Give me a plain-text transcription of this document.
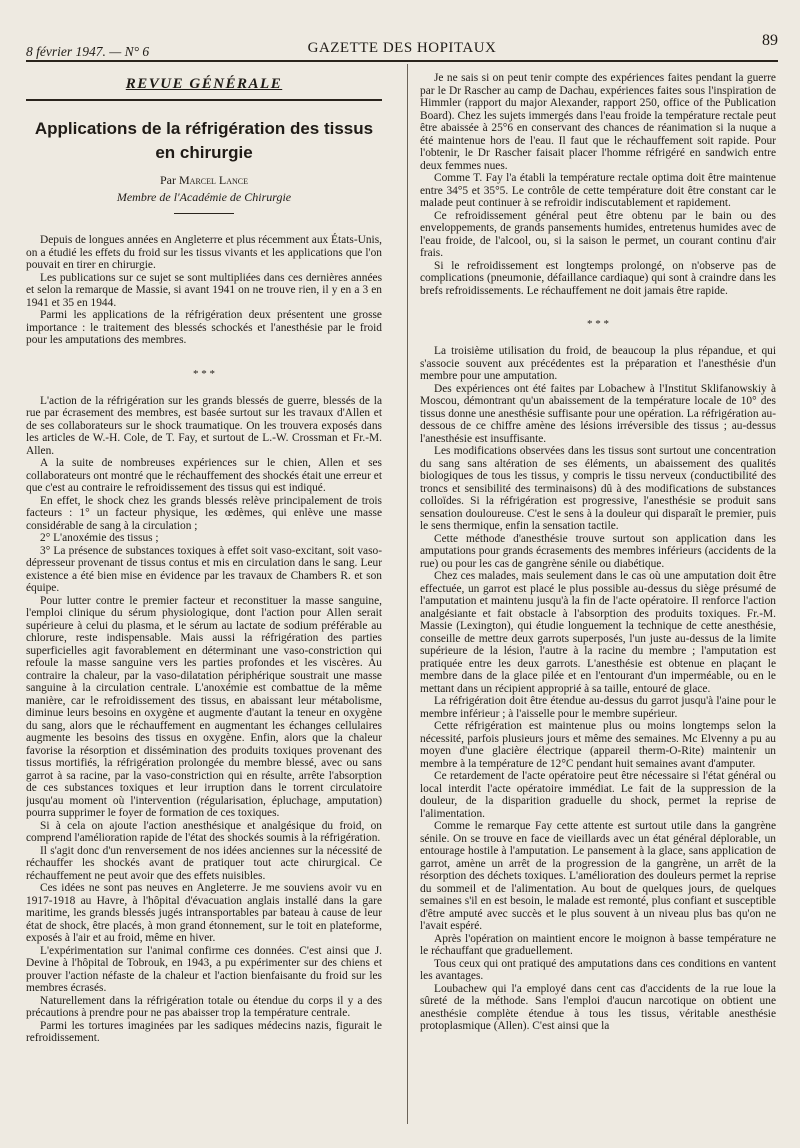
8 février 1947. — N° 6	GAZETTE DES HOPITAUX	89
REVUE GÉNÉRALE
Applications de la réfrigération des tissus en chirurgie
Par Marcel Lance
Membre de l'Académie de Chirurgie

Depuis de longues années en Angleterre et plus récemment aux États-Unis, on a étudié les effets du froid sur les tissus vivants et les applications que l'on pouvait en tirer en chirurgie.

Les publications sur ce sujet se sont multipliées dans ces dernières années et selon la remarque de Massie, si avant 1941 on ne trouve rien, il y en a 3 en 1941 et 35 en 1944.

Parmi les applications de la réfrigération deux présentent une grosse importance : le traitement des blessés schockés et l'anesthésie par le froid pour les amputations des membres.

* * *

L'action de la réfrigération sur les grands blessés de guerre, blessés de la rue par écrasement des membres, est basée surtout sur les travaux d'Allen et de ses collaborateurs sur le shock traumatique. On les trouvera exposés dans les articles de W.-H. Cole, de T. Fay, et surtout de L.-W. Crossman et Fr.-M. Allen.

A la suite de nombreuses expériences sur le chien, Allen et ses collaborateurs ont montré que le réchauffement des shockés était une erreur et que c'est au contraire le refroidissement des tissus qui est indiqué.

En effet, le shock chez les grands blessés relève principalement de trois facteurs : 1° un facteur physique, les œdèmes, qui enlève une masse considérable de sang à la circulation ;

2° L'anoxémie des tissus ;

3° La présence de substances toxiques à effet soit vaso-excitant, soit vaso-dépresseur provenant de tissus contus et mis en circulation dans le sang. Leur existence a été bien mise en évidence par les travaux de Chambers R. et son équipe.

Pour lutter contre le premier facteur et reconstituer la masse sanguine, l'emploi clinique du sérum physiologique, dont l'action pour Allen serait supérieure à celui du plasma, et le sérum au lactate de sodium préférable au chlorure, reste indispensable. Mais aussi la réfrigération des parties superficielles agit favorablement en déterminant une vaso-constriction qui refoule la masse sanguine vers les parties profondes et les viscères. Au contraire la chaleur, par la vaso-dilatation périphérique soustrait une masse sanguine à la circulation centrale. L'anoxémie est combattue de la même manière, car le refroidissement des tissus, en abaissant leur métabolisme, diminue leurs besoins en oxygène et augmente d'autant la teneur en oxygène du sang, alors que le réchauffement en augmentant les échanges cellulaires augmente les besoins des tissus en oxygène. Enfin, alors que la chaleur favorise la résorption et dissémination des produits toxiques provenant des tissus mortifiés, la réfrigération prolongée du membre blessé, avec ou sans garrot à sa racine, par la vaso-constriction qui en résulte, arrête l'absorption de ces substances toxiques et leur irruption dans le torrent circulatoire jusqu'au moment où l'intervention (régularisation, épluchage, amputation) pourra supprimer le foyer de formation de ces toxiques.

Si à cela on ajoute l'action anesthésique et analgésique du froid, on comprend l'amélioration rapide de l'état des shockés soumis à la réfrigération.

Il s'agit donc d'un renversement de nos idées anciennes sur la nécessité de réchauffer les shockés avant de pratiquer tout acte chirurgical. Ce réchauffement ne peut avoir que des effets nuisibles.

Ces idées ne sont pas neuves en Angleterre. Je me souviens avoir vu en 1917-1918 au Havre, à l'hôpital d'évacuation anglais installé dans la gare maritime, les grands blessés jugés intransportables par bateau à cause de leur état de shock, être placés, à mon grand étonnement, sur le toit en plateforme, exposés à l'air et au froid, même en hiver.

L'expérimentation sur l'animal confirme ces données. C'est ainsi que J. Devine à l'hôpital de Tobrouk, en 1943, a pu expérimenter sur des chiens et prouver l'action néfaste de la chaleur et l'action bienfaisante du froid sur les membres écrasés.

Naturellement dans la réfrigération totale ou étendue du corps il y a des précautions à prendre pour ne pas abaisser trop la température centrale.

Parmi les tortures imaginées par les sadiques médecins nazis, figurait le refroidissement.

Je ne sais si on peut tenir compte des expériences faites pendant la guerre par le Dr Rascher au camp de Dachau, expériences faites sous l'inspiration de Himmler (rapport du major Alexander, rapport 250, office of the Publication Board). Chez les sujets immergés dans l'eau froide la température rectale peut être abaissée à 25°6 en conservant des chances de réanimation si la nuque a été maintenue hors de l'eau. Il faut que le réchauffement soit rapide. Pour l'obtenir, le Dr Rascher faisait placer l'homme réfrigéré en sandwich entre deux femmes nues.

Comme T. Fay l'a établi la température rectale optima doit être maintenue entre 34°5 et 35°5. Le contrôle de cette température doit être constant car le malade peut continuer à se refroidir indiscutablement et rapidement.

Ce refroidissement général peut être obtenu par le bain ou des enveloppements, de grands pansements humides, entretenus humides avec de l'eau froide, de l'alcool, ou, si la saison le permet, un courant continu d'air frais.

Si le refroidissement est longtemps prolongé, on n'observe pas de complications (pneumonie, défaillance cardiaque) qui sont à craindre dans les brefs refroidissements. Le réchauffement ne doit jamais être rapide.

* * *

La troisième utilisation du froid, de beaucoup la plus répandue, et qui s'associe souvent aux précédentes est la préparation et l'anesthésie d'un membre pour une amputation.

Des expériences ont été faites par Lobachew à l'Institut Sklifanowskiy à Moscou, démontrant qu'un abaissement de la température locale de 10° des tissus donne une anesthésie suffisante pour une opération. La réfrigération au-dessous de ce chiffre amène des lésions irréversible des tissus ; au-dessus l'anesthésie est insuffisante.

Les modifications observées dans les tissus sont surtout une concentration du sang sans altération de ses éléments, un abaissement des qualités biologiques de tous les tissus, y compris le tissu nerveux (conductibilité des troncs et sensibilité des terminaisons) dû à des modifications de substances colloïdes. Si la réfrigération est progressive, l'anesthésie se produit sans sensation douloureuse. C'est le sens à la douleur qui disparaît le premier, puis le sens thermique, enfin la sensation tactile.

Cette méthode d'anesthésie trouve surtout son application dans les amputations pour grands écrasements des membres inférieurs (accidents de la rue) ou pour les cas de gangrène sénile ou diabétique.

Chez ces malades, mais seulement dans le cas où une amputation doit être effectuée, un garrot est placé le plus possible au-dessus du siège présumé de l'amputation et maintenu jusqu'à la fin de l'acte opératoire. Il renforce l'action analgésiante et fait obstacle à l'absorption des produits toxiques. Fr.-M. Massie (Lexington), qui étudie longuement la technique de cette anesthésie, conseille de mettre deux garrots superposés, l'un juste au-dessus de la limite supérieure de la lésion, l'autre à la racine du membre ; l'amputation est pratiquée entre les deux garrots. L'anesthésie est obtenue en plaçant le membre dans de la glace pilée et en l'entourant d'un imperméable, ou en le mettant dans un récipient approprié à sa taille, entouré de glace.

La réfrigération doit être étendue au-dessus du garrot jusqu'à l'aine pour le membre inférieur ; à l'aisselle pour le membre supérieur.

Cette réfrigération est maintenue plus ou moins longtemps selon la nécessité, parfois plusieurs jours et même des semaines. Mc Elvenny a pu au moyen d'une glacière électrique (appareil therm-O-Rite) maintenir un membre à la température de 12°C pendant huit semaines avant d'amputer.

Ce retardement de l'acte opératoire peut être nécessaire si l'état général ou local interdit l'acte opératoire immédiat. Le fait de la suppression de la douleur, de la disparition graduelle du shock, permet la reprise de l'alimentation.

Comme le remarque Fay cette attente est surtout utile dans la gangrène sénile. On se trouve en face de vieillards avec un état général déplorable, un entourage hostile à l'amputation. Le pansement à la glace, sans application de garrot, amène un arrêt de la progression de la gangrène, un arrêt de la résorption des déchets toxiques. L'amélioration des douleurs permet la reprise du sommeil et de l'alimentation. Au bout de quelques jours, de quelques semaines s'il en est besoin, le malade est remonté, plus confiant et susceptible d'être amputé avec succès et le plus souvent à un niveau plus bas qu'on ne l'avait espéré.

Après l'opération on maintient encore le moignon à basse température ne le réchauffant que graduellement.

Tous ceux qui ont pratiqué des amputations dans ces conditions en vantent les avantages.

Loubachew qui l'a employé dans cent cas d'accidents de la rue loue la sûreté de la méthode. Sans l'emploi d'aucun narcotique on obtient une anesthésie complète étendue à tous les tissus, véritable anesthésie protoplasmique (Allen). C'est ainsi que la
